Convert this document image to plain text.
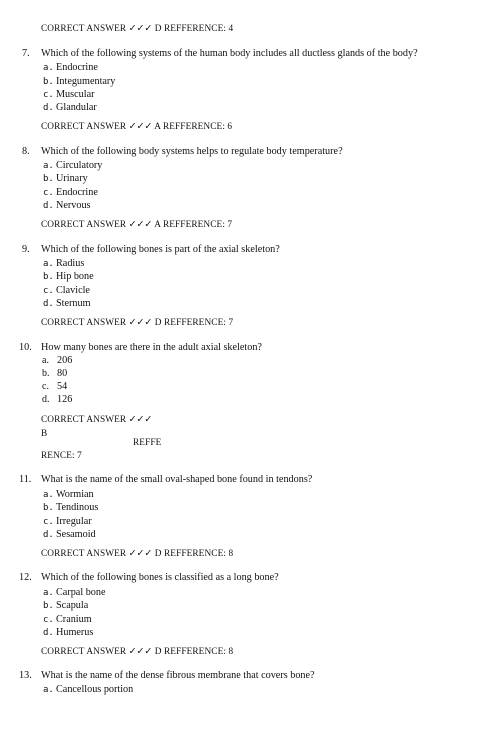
CORRECT ANSWER ✓✓✓ D REFFERENCE: 4
7. Which of the following systems of the human body includes all ductless glands of the body?
a. Endocrine
b. Integumentary
c. Muscular
d. Glandular
CORRECT ANSWER ✓✓✓ A REFFERENCE: 6
8. Which of the following body systems helps to regulate body temperature?
a. Circulatory
b. Urinary
c. Endocrine
d. Nervous
CORRECT ANSWER ✓✓✓ A REFFERENCE: 7
9. Which of the following bones is part of the axial skeleton?
a. Radius
b. Hip bone
c. Clavicle
d. Sternum
CORRECT ANSWER ✓✓✓ D REFFERENCE: 7
10. How many bones are there in the adult axial skeleton?
a. 206
b. 80
c. 54
d. 126
CORRECT ANSWER ✓✓✓
B
REFFE
RENCE: 7
11. What is the name of the small oval-shaped bone found in tendons?
a. Wormian
b. Tendinous
c. Irregular
d. Sesamoid
CORRECT ANSWER ✓✓✓ D REFFERENCE: 8
12. Which of the following bones is classified as a long bone?
a. Carpal bone
b. Scapula
c. Cranium
d. Humerus
CORRECT ANSWER ✓✓✓ D REFFERENCE: 8
13. What is the name of the dense fibrous membrane that covers bone?
a. Cancellous portion
